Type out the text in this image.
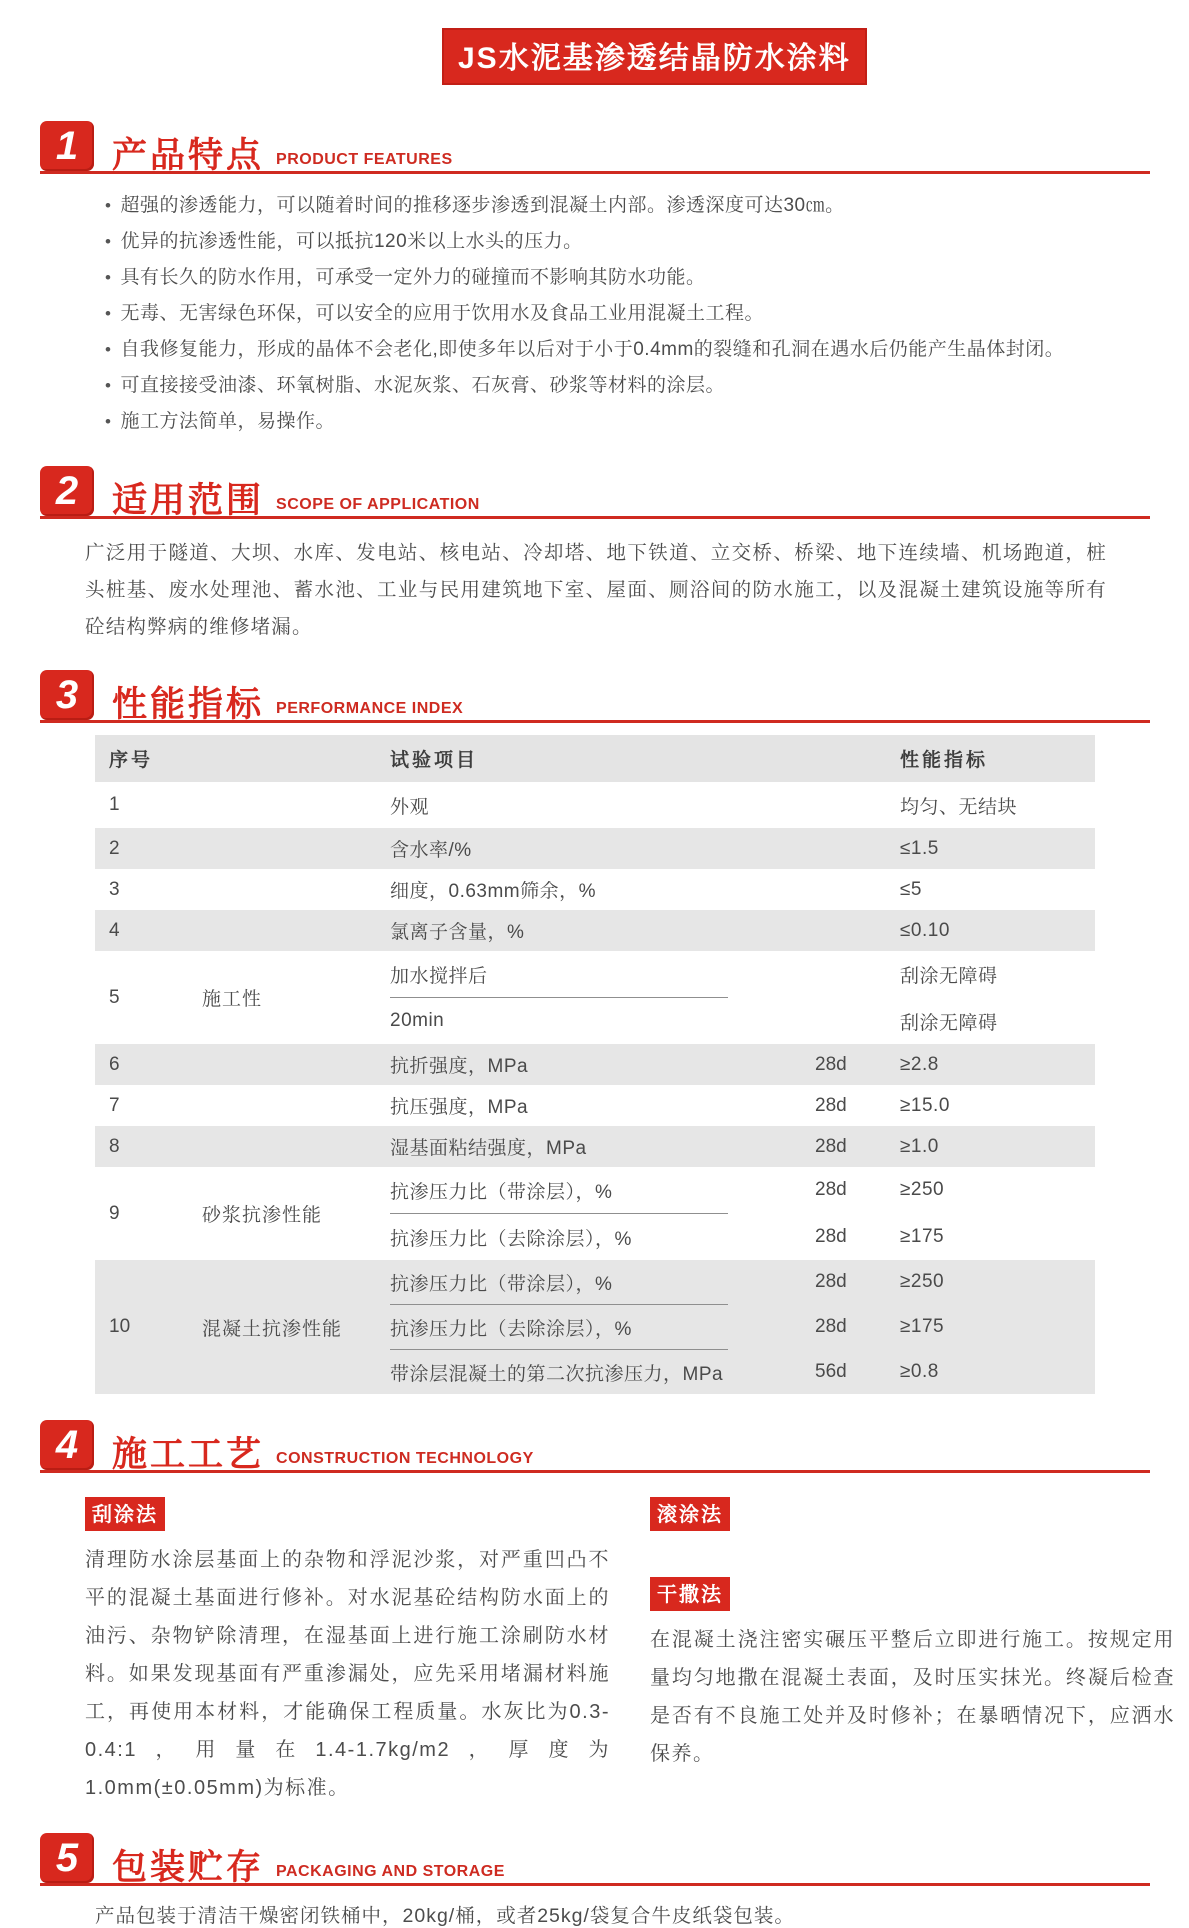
JS水泥基渗透结晶防水涂料
1 产品特点 PRODUCT FEATURES
• 超强的渗透能力，可以随着时间的推移逐步渗透到混凝土内部。渗透深度可达30㎝。
• 优异的抗渗透性能，可以抵抗120米以上水头的压力。
• 具有长久的防水作用，可承受一定外力的碰撞而不影响其防水功能。
• 无毒、无害绿色环保，可以安全的应用于饮用水及食品工业用混凝土工程。
• 自我修复能力，形成的晶体不会老化,即使多年以后对于小于0.4mm的裂缝和孔洞在遇水后仍能产生晶体封闭。
• 可直接接受油漆、环氧树脂、水泥灰浆、石灰膏、砂浆等材料的涂层。
• 施工方法简单，易操作。
2 适用范围 SCOPE OF APPLICATION
广泛用于隧道、大坝、水库、发电站、核电站、冷却塔、地下铁道、立交桥、桥梁、地下连续墙、机场跑道，桩头桩基、废水处理池、蓄水池、工业与民用建筑地下室、屋面、厕浴间的防水施工，以及混凝土建筑设施等所有砼结构弊病的维修堵漏。
3 性能指标 PERFORMANCE INDEX
序号	试验项目	性能指标
1	外观	均匀、无结块
2	含水率/%	≤1.5
3	细度，0.63mm筛余，%	≤5
4	氯离子含量，%	≤0.10
5	施工性
加水搅拌后	刮涂无障碍
20min	刮涂无障碍
6	抗折强度，MPa	28d	≥2.8
7	抗压强度，MPa	28d	≥15.0
8	湿基面粘结强度，MPa	28d	≥1.0
9	砂浆抗渗性能
抗渗压力比（带涂层），%	28d	≥250
抗渗压力比（去除涂层），%	28d	≥175
10	混凝土抗渗性能
抗渗压力比（带涂层），%	28d	≥250
抗渗压力比（去除涂层），%	28d	≥175
带涂层混凝土的第二次抗渗压力，MPa	56d	≥0.8
4 施工工艺 CONSTRUCTION TECHNOLOGY
刮涂法
清理防水涂层基面上的杂物和浮泥沙浆，对严重凹凸不平的混凝土基面进行修补。对水泥基砼结构防水面上的油污、杂物铲除清理，在湿基面上进行施工涂刷防水材料。如果发现基面有严重渗漏处，应先采用堵漏材料施工，再使用本材料，才能确保工程质量。水灰比为0.3-0.4:1，用量在1.4-1.7kg/m2，厚度为1.0mm(±0.05mm)为标准。
滚涂法
干撒法
在混凝土浇注密实碾压平整后立即进行施工。按规定用量均匀地撒在混凝土表面，及时压实抹光。终凝后检查是否有不良施工处并及时修补；在暴晒情况下，应洒水保养。
5 包装贮存 PACKAGING AND STORAGE
产品包装于清洁干燥密闭铁桶中，20kg/桶，或者25kg/袋复合牛皮纸袋包装。
